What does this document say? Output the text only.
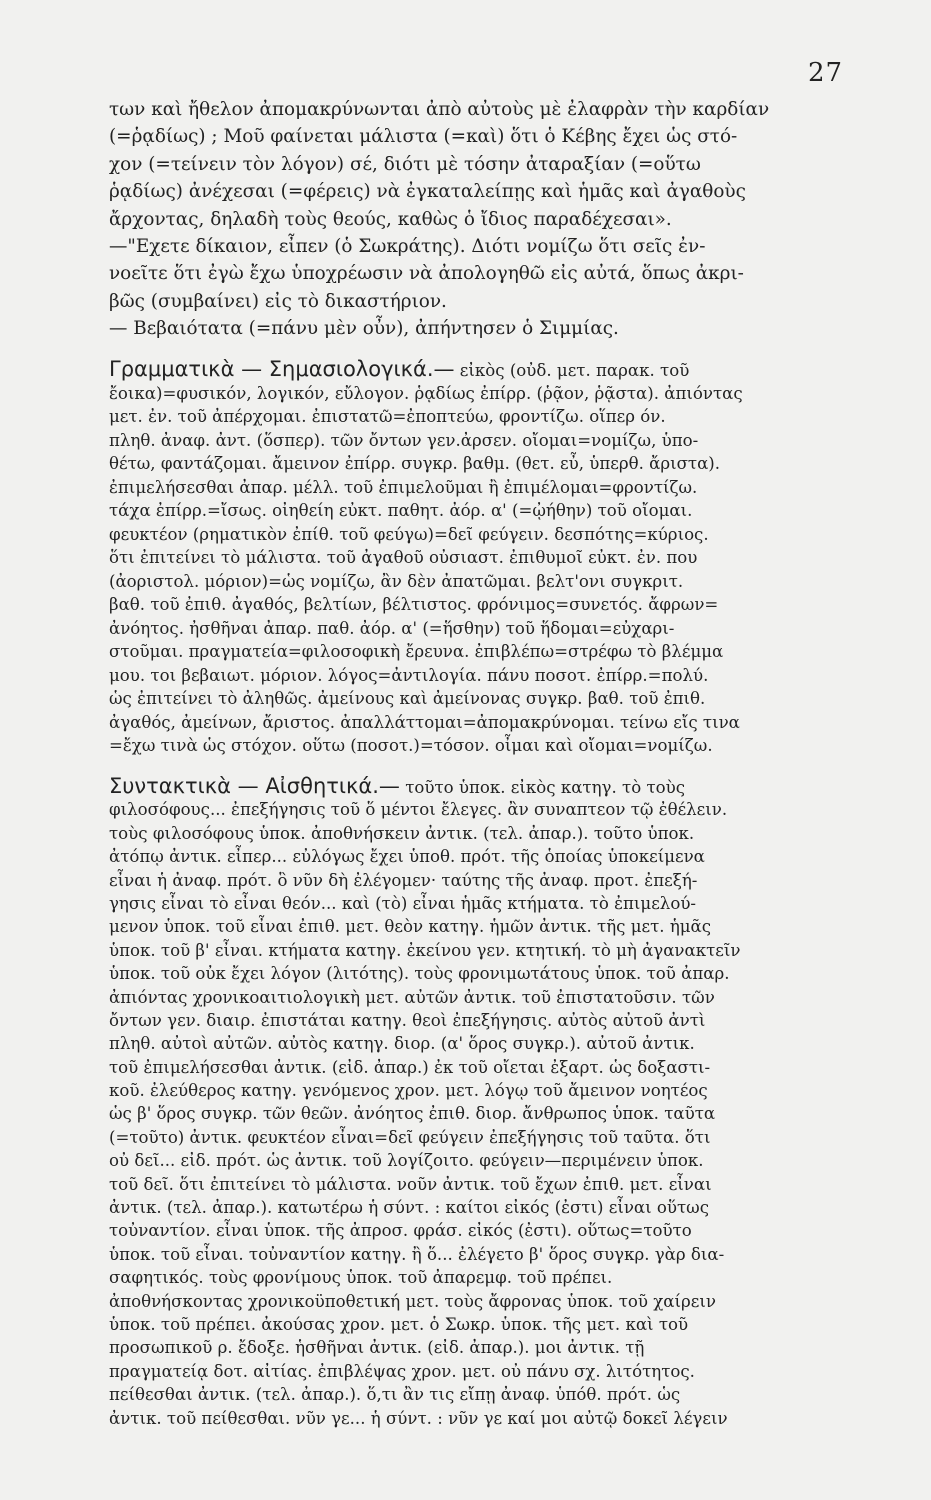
27
των καὶ ἤθελον ἀπομακρύνωνται ἀπὸ αὐτοὺς μὲ ἐλαφρὰν τὴν καρδίαν
(=ῥᾳδίως) ; Μοῦ φαίνεται μάλιστα (=καὶ) ὅτι ὁ Κέβης ἔχει ὡς στό-
χον (=τείνειν τὸν λόγον) σέ, διότι μὲ τόσην ἀταραξίαν (=οὕτω
ῥᾳδίως) ἀνέχεσαι (=φέρεις) νὰ ἐγκαταλείπῃς καὶ ἡμᾶς καὶ ἀγαθοὺς
ἄρχοντας, δηλαδὴ τοὺς θεούς, καθὼς ὁ ἴδιος παραδέχεσαι».
—"Εχετε δίκαιον, εἶπεν (ὁ Σωκράτης). Διότι νομίζω ὅτι σεῖς ἐν-
νοεῖτε ὅτι ἐγὼ ἔχω ὑποχρέωσιν νὰ ἀπολογηθῶ εἰς αὐτά, ὅπως ἀκρι-
βῶς (συμβαίνει) εἰς τὸ δικαστήριον.
— Βεβαιότατα (=πάνυ μὲν οὖν), ἀπήντησεν ὁ Σιμμίας.
Γραμματικὰ — Σημασιολογικά.— εἰκὸς (οὐδ. μετ. παρακ. τοῦ
ἔοικα)=φυσικόν, λογικόν, εὔλογον. ῥᾳδίως ἐπίρρ. (ῥᾷον, ῥᾷστα). ἀπιόντας
μετ. ἐν. τοῦ ἀπέρχομαι. ἐπιστατῶ=ἐποπτεύω, φροντίζω. οἵπερ όν.
πληθ. ἀναφ. ἀντ. (ὅσπερ). τῶν ὄντων γεν.ἀρσεν. οἴομαι=νομίζω, ὑπο-
θέτω, φαντάζομαι. ἄμεινον ἐπίρρ. συγκρ. βαθμ. (θετ. εὖ, ὑπερθ. ἄριστα).
ἐπιμελήσεσθαι ἀπαρ. μέλλ. τοῦ ἐπιμελοῦμαι ἢ ἐπιμέλομαι=φροντίζω.
τάχα ἐπίρρ.=ἴσως. οἰηθείη εὐκτ. παθητ. ἀόρ. α' (=ᾠήθην) τοῦ οἴομαι.
φευκτέον (ρηματικὸν ἐπίθ. τοῦ φεύγω)=δεῖ φεύγειν. δεσπότης=κύριος.
ὅτι ἐπιτείνει τὸ μάλιστα. τοῦ ἀγαθοῦ οὐσιαστ. ἐπιθυμοῖ εὐκτ. ἐν. που
(ἀοριστολ. μόριον)=ὡς νομίζω, ἂν δὲν ἀπατῶμαι. βελτ'ονι συγκριτ.
βαθ. τοῦ ἐπιθ. ἀγαθός, βελτίων, βέλτιστος. φρόνιμος=συνετός. ἄφρων=
ἀνόητος. ἠσθῆναι ἀπαρ. παθ. ἀόρ. α' (=ἥσθην) τοῦ ἥδομαι=εὐχαρι-
στοῦμαι. πραγματεία=φιλοσοφικὴ ἔρευνα. ἐπιβλέπω=στρέφω τὸ βλέμμα
μου. τοι βεβαιωτ. μόριον. λόγος=ἀντιλογία. πάνυ ποσοτ. ἐπίρρ.=πολύ.
ὡς ἐπιτείνει τὸ ἀληθῶς. ἀμείνους καὶ ἀμείνονας συγκρ. βαθ. τοῦ ἐπιθ.
ἀγαθός, ἀμείνων, ἄριστος. ἀπαλλάττομαι=ἀπομακρύνομαι. τείνω εἴς τινα
=ἔχω τινὰ ὡς στόχον. οὕτω (ποσοτ.)=τόσον. οἶμαι καὶ οἴομαι=νομίζω.
Συντακτικὰ — Αἰσθητικά.— τοῦτο ὑποκ. εἰκὸς κατηγ. τὸ τοὺς
φιλοσόφους... ἐπεξήγησις τοῦ ὅ μέντοι ἔλεγες. ἂν συναπτεον τῷ ἐθέλειν.
τοὺς φιλοσόφους ὑποκ. ἀποθνήσκειν ἀντικ. (τελ. ἀπαρ.). τοῦτο ὑποκ.
ἀτόπῳ ἀντικ. εἶπερ... εὐλόγως ἔχει ὑποθ. πρότ. τῆς ὁποίας ὑποκείμενα
εἶναι ἡ ἀναφ. πρότ. ὃ νῦν δὴ ἐλέγομεν· ταύτης τῆς ἀναφ. προτ. ἐπεξή-
γησις εἶναι τὸ εἶναι θεόν... καὶ (τὸ) εἶναι ἡμᾶς κτήματα. τὸ ἐπιμελού-
μενον ὑποκ. τοῦ εἶναι ἐπιθ. μετ. θεὸν κατηγ. ἡμῶν ἀντικ. τῆς μετ. ἡμᾶς
ὑποκ. τοῦ β' εἶναι. κτήματα κατηγ. ἐκείνου γεν. κτητική. τὸ μὴ ἀγανακτεῖν
ὑποκ. τοῦ οὐκ ἔχει λόγον (λιτότης). τοὺς φρονιμωτάτους ὑποκ. τοῦ ἀπαρ.
ἀπιόντας χρονικοαιτιολογικὴ μετ. αὐτῶν ἀντικ. τοῦ ἐπιστατοῦσιν. τῶν
ὄντων γεν. διαιρ. ἐπιστάται κατηγ. θεοὶ ἐπεξήγησις. αὐτὸς αὐτοῦ ἀντὶ
πληθ. αὐτοὶ αὐτῶν. αὐτὸς κατηγ. διορ. (α' ὅρος συγκρ.). αὐτοῦ ἀντικ.
τοῦ ἐπιμελήσεσθαι ἀντικ. (εἰδ. ἀπαρ.) ἐκ τοῦ οἴεται ἐξαρτ. ὡς δοξαστι-
κοῦ. ἐλεύθερος κατηγ. γενόμενος χρον. μετ. λόγῳ τοῦ ἄμεινον νοητέος
ὡς β' ὅρος συγκρ. τῶν θεῶν. ἀνόητος ἐπιθ. διορ. ἄνθρωπος ὑποκ. ταῦτα
(=τοῦτο) ἀντικ. φευκτέον εἶναι=δεῖ φεύγειν ἐπεξήγησις τοῦ ταῦτα. ὅτι
οὐ δεῖ... εἰδ. πρότ. ὡς ἀντικ. τοῦ λογίζοιτο. φεύγειν—περιμένειν ὑποκ.
τοῦ δεῖ. ὅτι ἐπιτείνει τὸ μάλιστα. νοῦν ἀντικ. τοῦ ἔχων ἐπιθ. μετ. εἶναι
ἀντικ. (τελ. ἀπαρ.). κατωτέρω ἡ σύντ. : καίτοι εἰκός (ἐστι) εἶναι οὕτως
τοὐναντίον. εἶναι ὑποκ. τῆς ἀπροσ. φράσ. εἰκός (ἐστι). οὕτως=τοῦτο
ὑποκ. τοῦ εἶναι. τοὐναντίον κατηγ. ἢ ὅ... ἐλέγετο β' ὅρος συγκρ. γὰρ δια-
σαφητικός. τοὺς φρονίμους ὑποκ. τοῦ ἀπαρεμφ. τοῦ πρέπει.
ἀποθνήσκοντας χρονικοϋποθετική μετ. τοὺς ἄφρονας ὑποκ. τοῦ χαίρειν
ὑποκ. τοῦ πρέπει. ἀκούσας χρον. μετ. ὁ Σωκρ. ὑποκ. τῆς μετ. καὶ τοῦ
προσωπικοῦ ρ. ἔδοξε. ἡσθῆναι ἀντικ. (εἰδ. ἀπαρ.). μοι ἀντικ. τῇ
πραγματείᾳ δοτ. αἰτίας. ἐπιβλέψας χρον. μετ. οὐ πάνυ σχ. λιτότητος.
πείθεσθαι ἀντικ. (τελ. ἀπαρ.). ὅ,τι ἂν τις εἴπῃ ἀναφ. ὑπόθ. πρότ. ὡς
ἀντικ. τοῦ πείθεσθαι. νῦν γε... ἡ σύντ. : νῦν γε καί μοι αὐτῷ δοκεῖ λέγειν
